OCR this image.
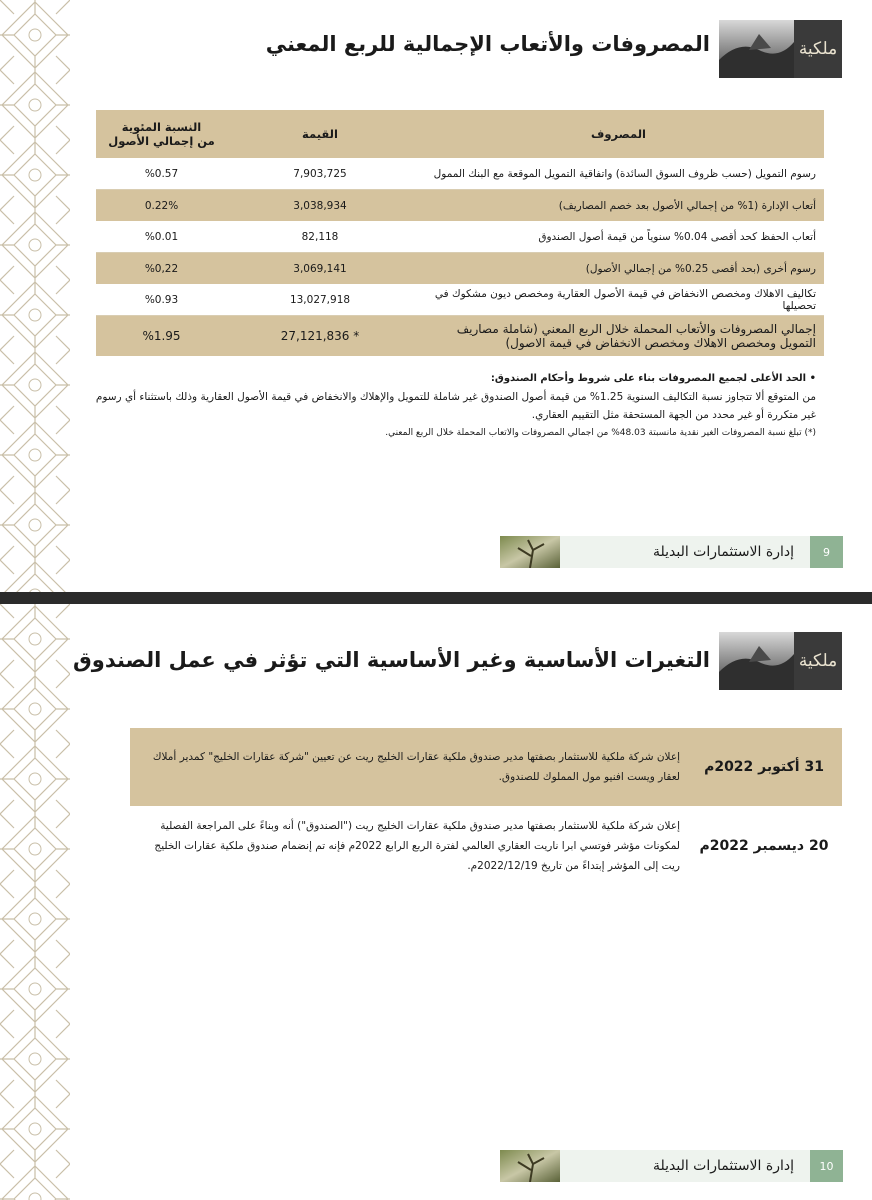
ملكية
المصروفات والأتعاب الإجمالية للربع المعني
المصروف	القيمة	النسبة المئوية
من إجمالي الأصول

رسوم التمويل (حسب ظروف السوق السائدة) واتفاقية التمويل الموقعة مع البنك الممول	7,903,725	%0.57
أتعاب الإدارة (1% من إجمالي الأصول بعد خصم المصاريف)	3,038,934	0.22%
أتعاب الحفظ كحد أقصى 0.04% سنوياً من قيمة أصول الصندوق	82,118	%0.01
رسوم أخرى (بحد أقصى 0.25% من إجمالي الأصول)	3,069,141	%0,22
تكاليف الاهلاك ومخصص الانخفاض في قيمة الأصول العقارية ومخصص ديون مشكوك في تحصيلها	13,027,918	%0.93
إجمالي المصروفات والأتعاب المحملة خلال الربع المعني (شاملة مصاريف التمويل ومخصص الاهلاك ومخصص الانخفاض في قيمة الاصول)	27,121,836 *	%1.95
• الحد الأعلى لجميع المصروفات بناء على شروط وأحكام الصندوق:
من المتوقع ألا تتجاوز نسبة التكاليف السنوية 1.25% من قيمة أصول الصندوق غير شاملة للتمويل والإهلاك والانخفاض في قيمة الأصول العقارية وذلك باستثناء أي رسوم غير متكررة أو غير محدد من الجهة المستحقة مثل التقييم العقاري.
(*) تبلغ نسبة المصروفات الغير نقدية مانسبتة 48.03% من اجمالي المصروفات والاتعاب المحملة خلال الربع المعني.
9
إدارة الاستثمارات البديلة
ملكية
التغيرات الأساسية وغير الأساسية التي تؤثر في عمل الصندوق
31 أكتوبر 2022م	إعلان شركة ملكية للاستثمار بصفتها مدير صندوق ملكية عقارات الخليج ريت عن تعيين "شركة عقارات الخليج" كمدير أملاك لعقار ويست افنيو مول المملوك للصندوق.
20 ديسمبر 2022م	إعلان شركة ملكية للاستثمار بصفتها مدير صندوق ملكية عقارات الخليج ريت ("الصندوق") أنه وبناءً على المراجعة الفصلية لمكونات مؤشر فوتسي ابرا ناريت العقاري العالمي لفترة الربع الرابع 2022م فإنه تم إنضمام صندوق ملكية عقارات الخليج ريت إلى المؤشر إبتداءً من تاريخ 2022/12/19م.
10
إدارة الاستثمارات البديلة
